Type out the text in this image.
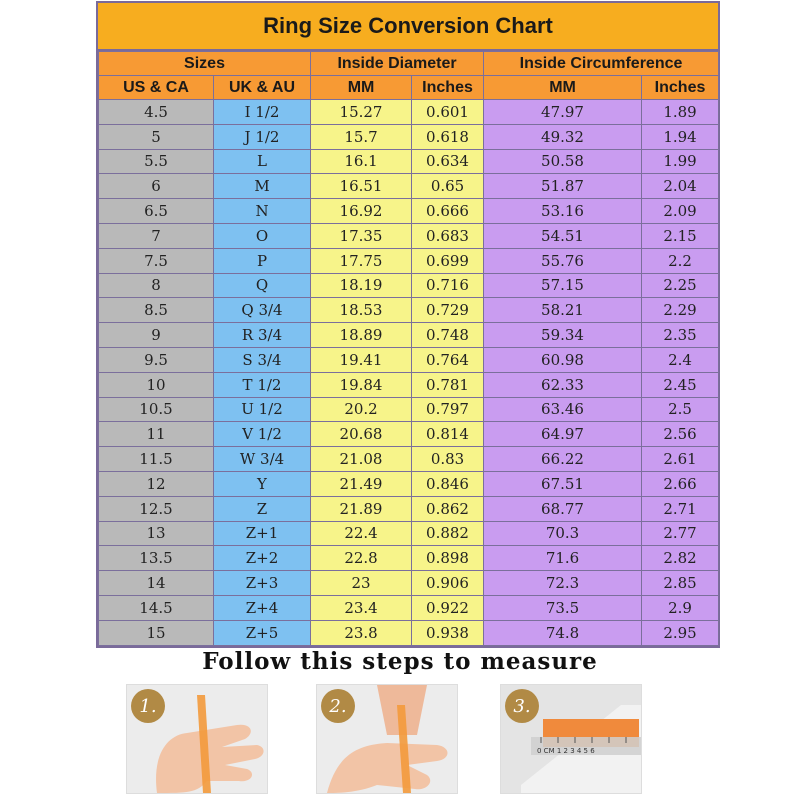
Ring Size Conversion Chart
Sizes		Inside Diameter		Inside Circumference	
US & CA	UK & AU	MM	Inches	MM	Inches
4.5	I 1/2	15.27	0.601	47.97	1.89
5	J 1/2	15.7	0.618	49.32	1.94
5.5	L	16.1	0.634	50.58	1.99
6	M	16.51	0.65	51.87	2.04
6.5	N	16.92	0.666	53.16	2.09
7	O	17.35	0.683	54.51	2.15
7.5	P	17.75	0.699	55.76	2.2
8	Q	18.19	0.716	57.15	2.25
8.5	Q 3/4	18.53	0.729	58.21	2.29
9	R 3/4	18.89	0.748	59.34	2.35
9.5	S 3/4	19.41	0.764	60.98	2.4
10	T 1/2	19.84	0.781	62.33	2.45
10.5	U 1/2	20.2	0.797	63.46	2.5
11	V 1/2	20.68	0.814	64.97	2.56
11.5	W 3/4	21.08	0.83	66.22	2.61
12	Y	21.49	0.846	67.51	2.66
12.5	Z	21.89	0.862	68.77	2.71
13	Z+1	22.4	0.882	70.3	2.77
13.5	Z+2	22.8	0.898	71.6	2.82
14	Z+3	23	0.906	72.3	2.85
14.5	Z+4	23.4	0.922	73.5	2.9
15	Z+5	23.8	0.938	74.8	2.95
Follow this steps to measure
1.	2.
0 CM 1 2 3 4 5 6
3.
